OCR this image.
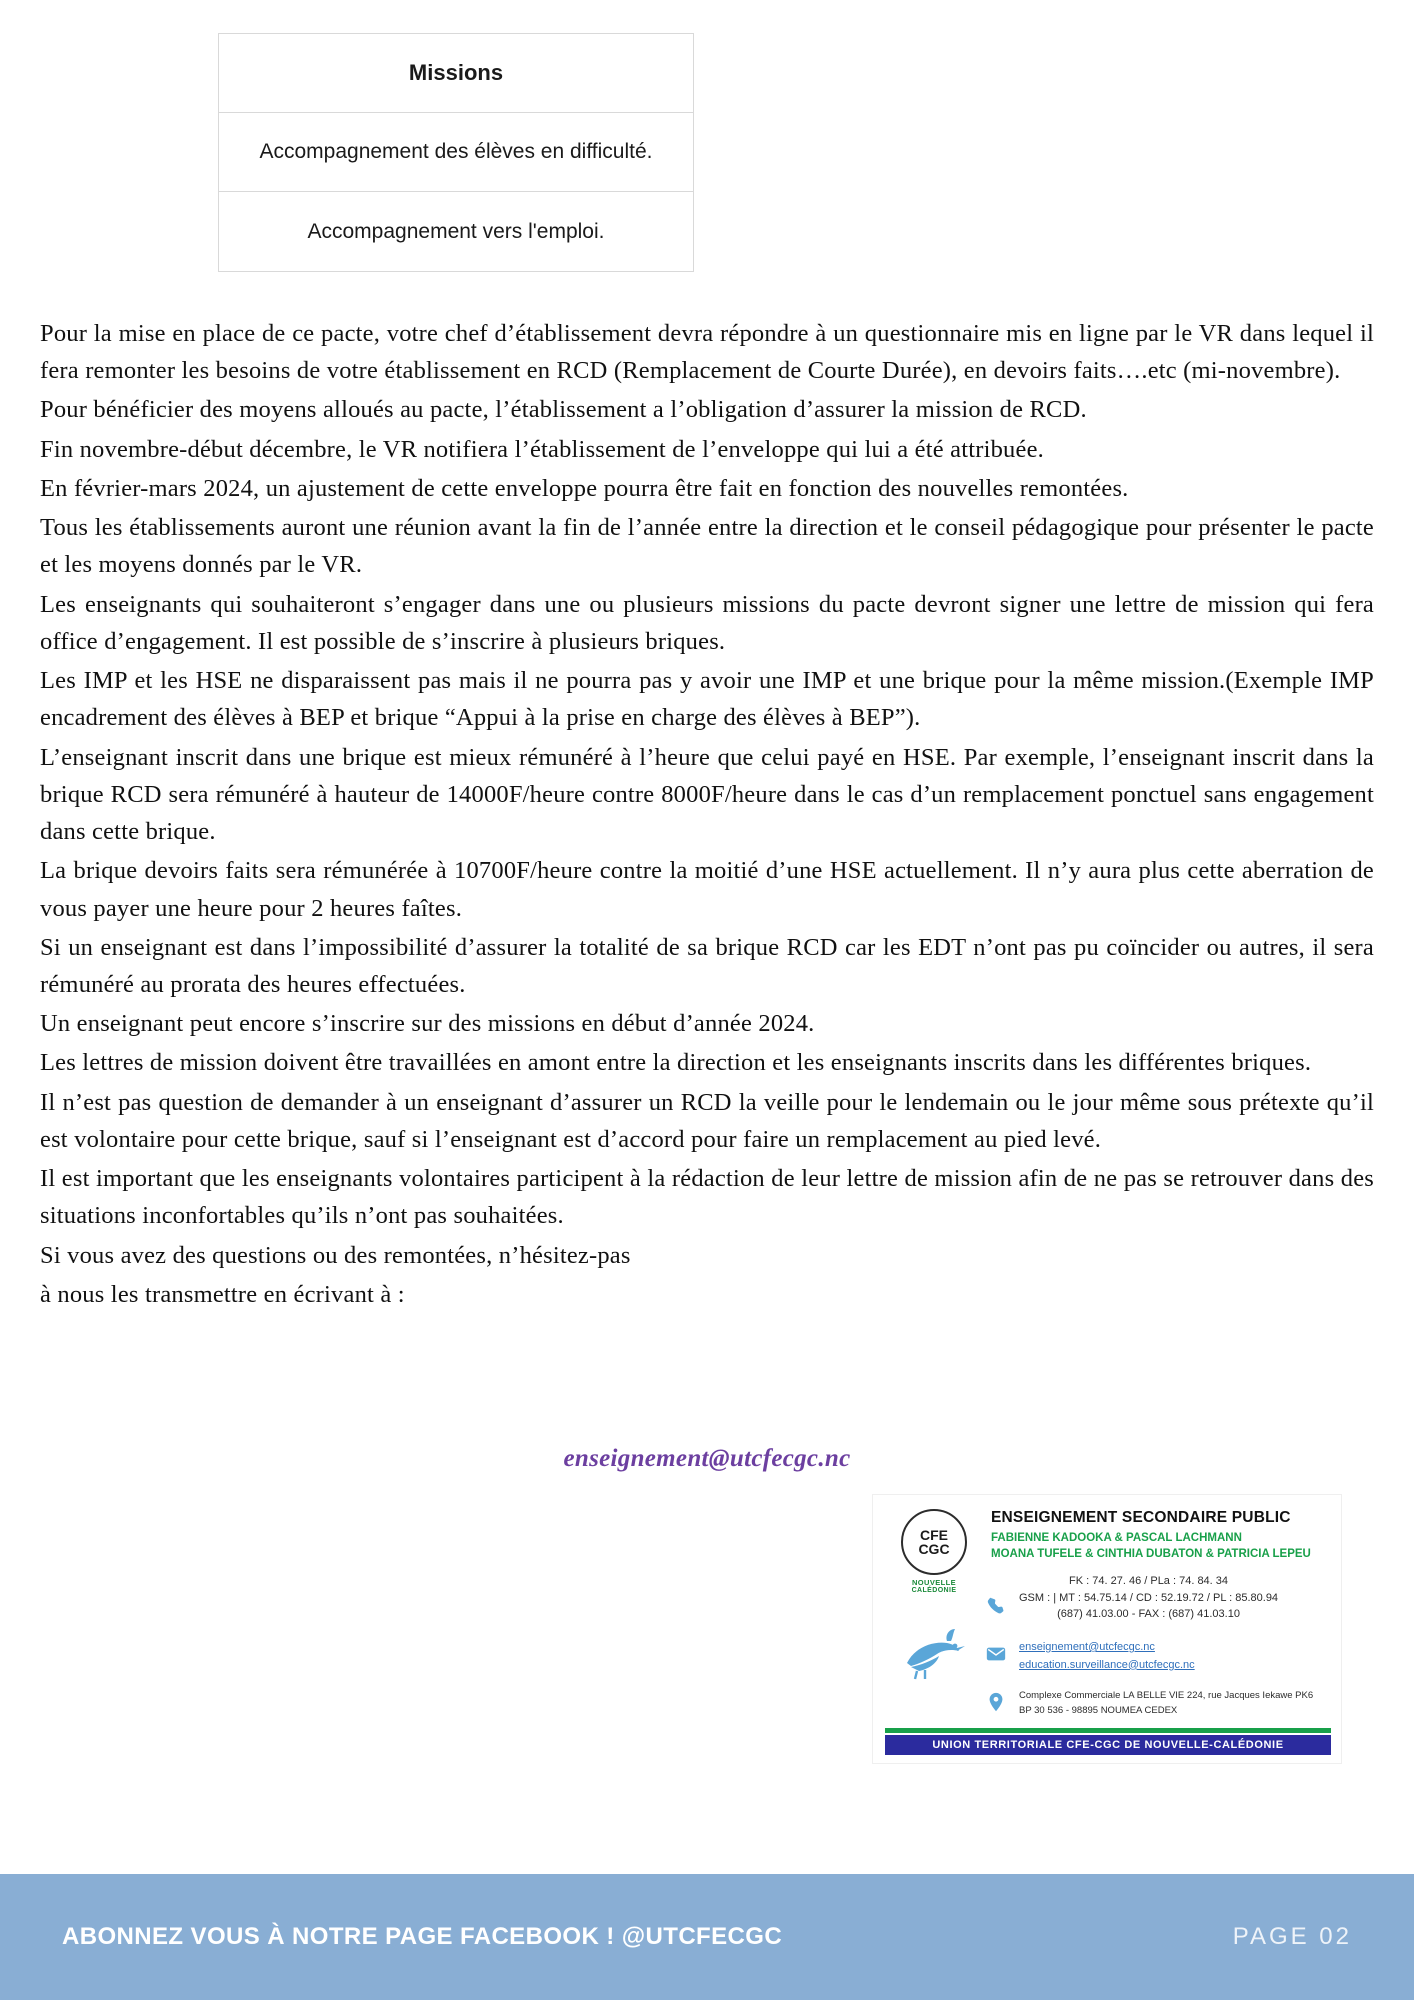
Missions
Accompagnement des élèves en difficulté.
Accompagnement vers l'emploi.

Pour la mise en place de ce pacte, votre chef d’établissement devra répondre à un questionnaire mis en ligne par le VR dans lequel il fera remonter les besoins de votre établissement en RCD (Remplacement de Courte Durée), en devoirs faits….etc (mi-novembre).

Pour bénéficier des moyens alloués au pacte, l’établissement a l’obligation d’assurer la mission de RCD.

Fin novembre-début décembre, le VR notifiera l’établissement de l’enveloppe qui lui a été attribuée.

En février-mars 2024, un ajustement de cette enveloppe pourra être fait en fonction des nouvelles remontées.

Tous les établissements auront une réunion avant la fin de l’année entre la direction et le conseil pédagogique pour présenter le pacte et les moyens donnés par le VR.

Les enseignants qui souhaiteront s’engager dans une ou plusieurs missions du pacte devront signer une lettre de mission qui fera office d’engagement. Il est possible de s’inscrire à plusieurs briques.

Les IMP et les HSE ne disparaissent pas mais il ne pourra pas y avoir une IMP et une brique pour la même mission.(Exemple IMP encadrement des élèves à BEP et brique “Appui à la prise en charge des élèves à BEP”).

L’enseignant inscrit dans une brique est mieux rémunéré à l’heure que celui payé en HSE. Par exemple, l’enseignant inscrit dans la brique RCD sera rémunéré à hauteur de 14000F/heure contre 8000F/heure dans le cas d’un remplacement ponctuel sans engagement dans cette brique.

La brique devoirs faits sera rémunérée à 10700F/heure contre la moitié d’une HSE actuellement. Il n’y aura plus cette aberration de vous payer une heure pour 2 heures faîtes.

Si un enseignant est dans l’impossibilité d’assurer la totalité de sa brique RCD car les EDT n’ont pas pu coïncider ou autres, il sera rémunéré au prorata des heures effectuées.

Un enseignant peut encore s’inscrire sur des missions en début d’année 2024.

Les lettres de mission doivent être travaillées en amont entre la direction et les enseignants inscrits dans les différentes briques.

Il n’est pas question de demander à un enseignant d’assurer un RCD la veille pour le lendemain ou le jour même sous prétexte qu’il est volontaire pour cette brique, sauf si l’enseignant est d’accord pour faire un remplacement au pied levé.

Il est important que les enseignants volontaires participent à la rédaction de leur lettre de mission afin de ne pas se retrouver dans des situations inconfortables qu’ils n’ont pas souhaitées.

Si vous avez des questions ou des remontées, n’hésitez-pas

à nous les transmettre en écrivant à :

enseignement@utcfecgc.nc
CFE
CGC
NOUVELLE
CALÉDONIE
ENSEIGNEMENT SECONDAIRE PUBLIC
FABIENNE KADOOKA & PASCAL LACHMANN
MOANA TUFELE & CINTHIA DUBATON & PATRICIA LEPEU
FK : 74. 27. 46 / PLa : 74. 84. 34
GSM : | MT : 54.75.14 / CD : 52.19.72 / PL : 85.80.94
(687) 41.03.00 - FAX : (687) 41.03.10
enseignement@utcfecgc.nc
education.surveillance@utcfecgc.nc
Complexe Commerciale LA BELLE VIE 224, rue Jacques Iekawe PK6
BP 30 536 - 98895 NOUMEA CEDEX
UNION TERRITORIALE CFE-CGC DE NOUVELLE-CALÉDONIE
ABONNEZ VOUS À NOTRE PAGE FACEBOOK ! @UTCFECGC	PAGE 02
